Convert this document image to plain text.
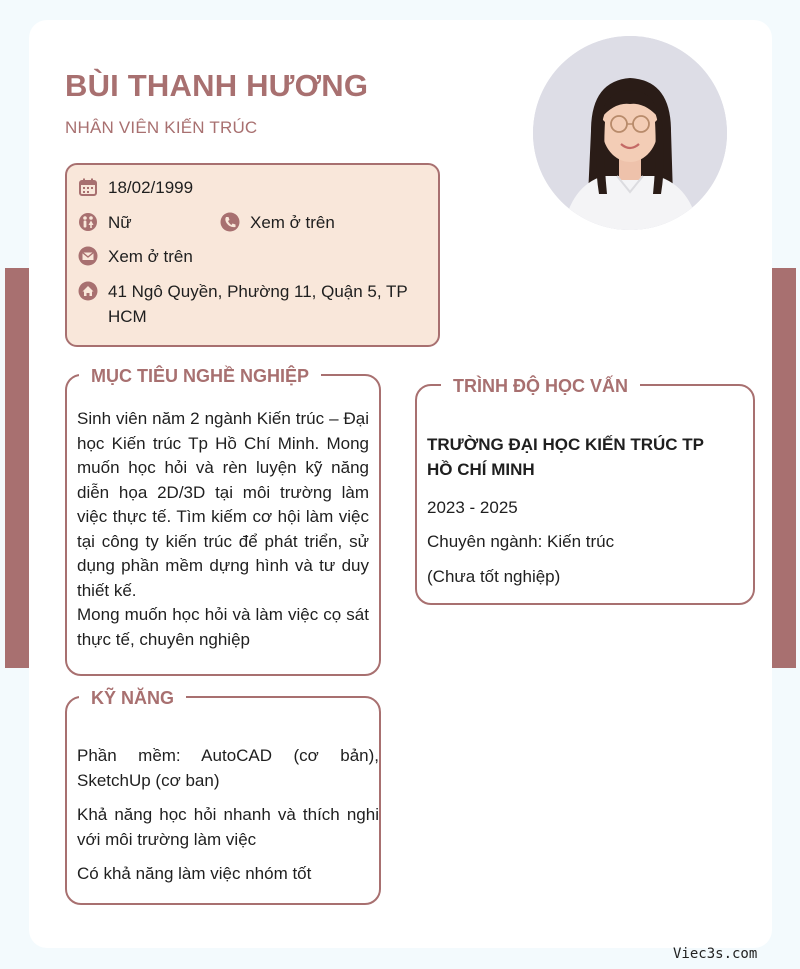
BÙI THANH HƯƠNG
NHÂN VIÊN KIẾN TRÚC
18/02/1999
Nữ	Xem ở trên
Xem ở trên
41 Ngô Quyền, Phường 11, Quận 5, TP HCM
MỤC TIÊU NGHỀ NGHIỆP
Sinh viên năm 2 ngành Kiến trúc – Đại học Kiến trúc Tp Hồ Chí Minh. Mong muốn học hỏi và rèn luyện kỹ năng diễn họa 2D/3D tại môi trường làm việc thực tế. Tìm kiếm cơ hội làm việc tại công ty kiến trúc để phát triển, sử dụng phần mềm dựng hình và tư duy thiết kế.
Mong muốn học hỏi và làm việc cọ sát thực tế, chuyên nghiệp
KỸ NĂNG
Phần mềm: AutoCAD (cơ bản), SketchUp (cơ ban)
Khả năng học hỏi nhanh và thích nghi với môi trường làm việc
Có khả năng làm việc nhóm tốt
TRÌNH ĐỘ HỌC VẤN
TRƯỜNG ĐẠI HỌC KIẾN TRÚC TP HỒ CHÍ MINH
2023 - 2025
Chuyên ngành: Kiến trúc
(Chưa tốt nghiệp)
Viec3s.com
